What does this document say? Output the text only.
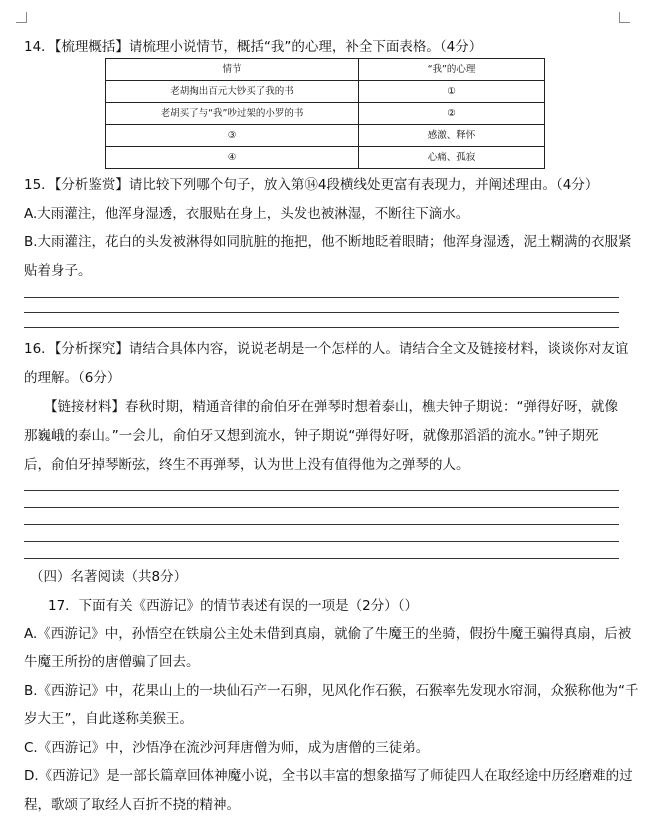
14．【梳理概括】请梳理小说情节，概括“我”的心理，补全下面表格。（4分）
情节	“我”的心理
老胡掏出百元大钞买了我的书	①
老胡买了与“我”吵过架的小罗的书	②
③	感激、释怀
④	心痛、孤寂
15．【分析鉴赏】请比较下列哪个句子，放入第⑭4段横线处更富有表现力，并阐述理由。（4分）
A.大雨灌注，他浑身湿透，衣服贴在身上，头发也被淋湿，不断往下滴水。
B.大雨灌注，花白的头发被淋得如同肮脏的拖把，他不断地眨着眼睛；他浑身湿透，泥土糊满的衣服紧
贴着身子。
16．【分析探究】请结合具体内容，说说老胡是一个怎样的人。请结合全文及链接材料，谈谈你对友谊
的理解。（6分）
【链接材料】春秋时期，精通音律的俞伯牙在弹琴时想着泰山，樵夫钟子期说：“弹得好呀，就像
那巍峨的泰山。”一会儿，俞伯牙又想到流水，钟子期说“弹得好呀，就像那滔滔的流水。”钟子期死
后，俞伯牙掉琴断弦，终生不再弹琴，认为世上没有值得他为之弹琴的人。
（四）名著阅读（共8分）
17．下面有关《西游记》的情节表述有误的一项是（2分）（）
A.《西游记》中，孙悟空在铁扇公主处未借到真扇，就偷了牛魔王的坐骑，假扮牛魔王骗得真扇，后被
牛魔王所扮的唐僧骗了回去。
B.《西游记》中，花果山上的一块仙石产一石卵，见风化作石猴，石猴率先发现水帘洞，众猴称他为“千
岁大王”，自此遂称美猴王。
C.《西游记》中，沙悟净在流沙河拜唐僧为师，成为唐僧的三徒弟。
D.《西游记》是一部长篇章回体神魔小说，全书以丰富的想象描写了师徒四人在取经途中历经磨难的过
程，歌颂了取经人百折不挠的精神。
